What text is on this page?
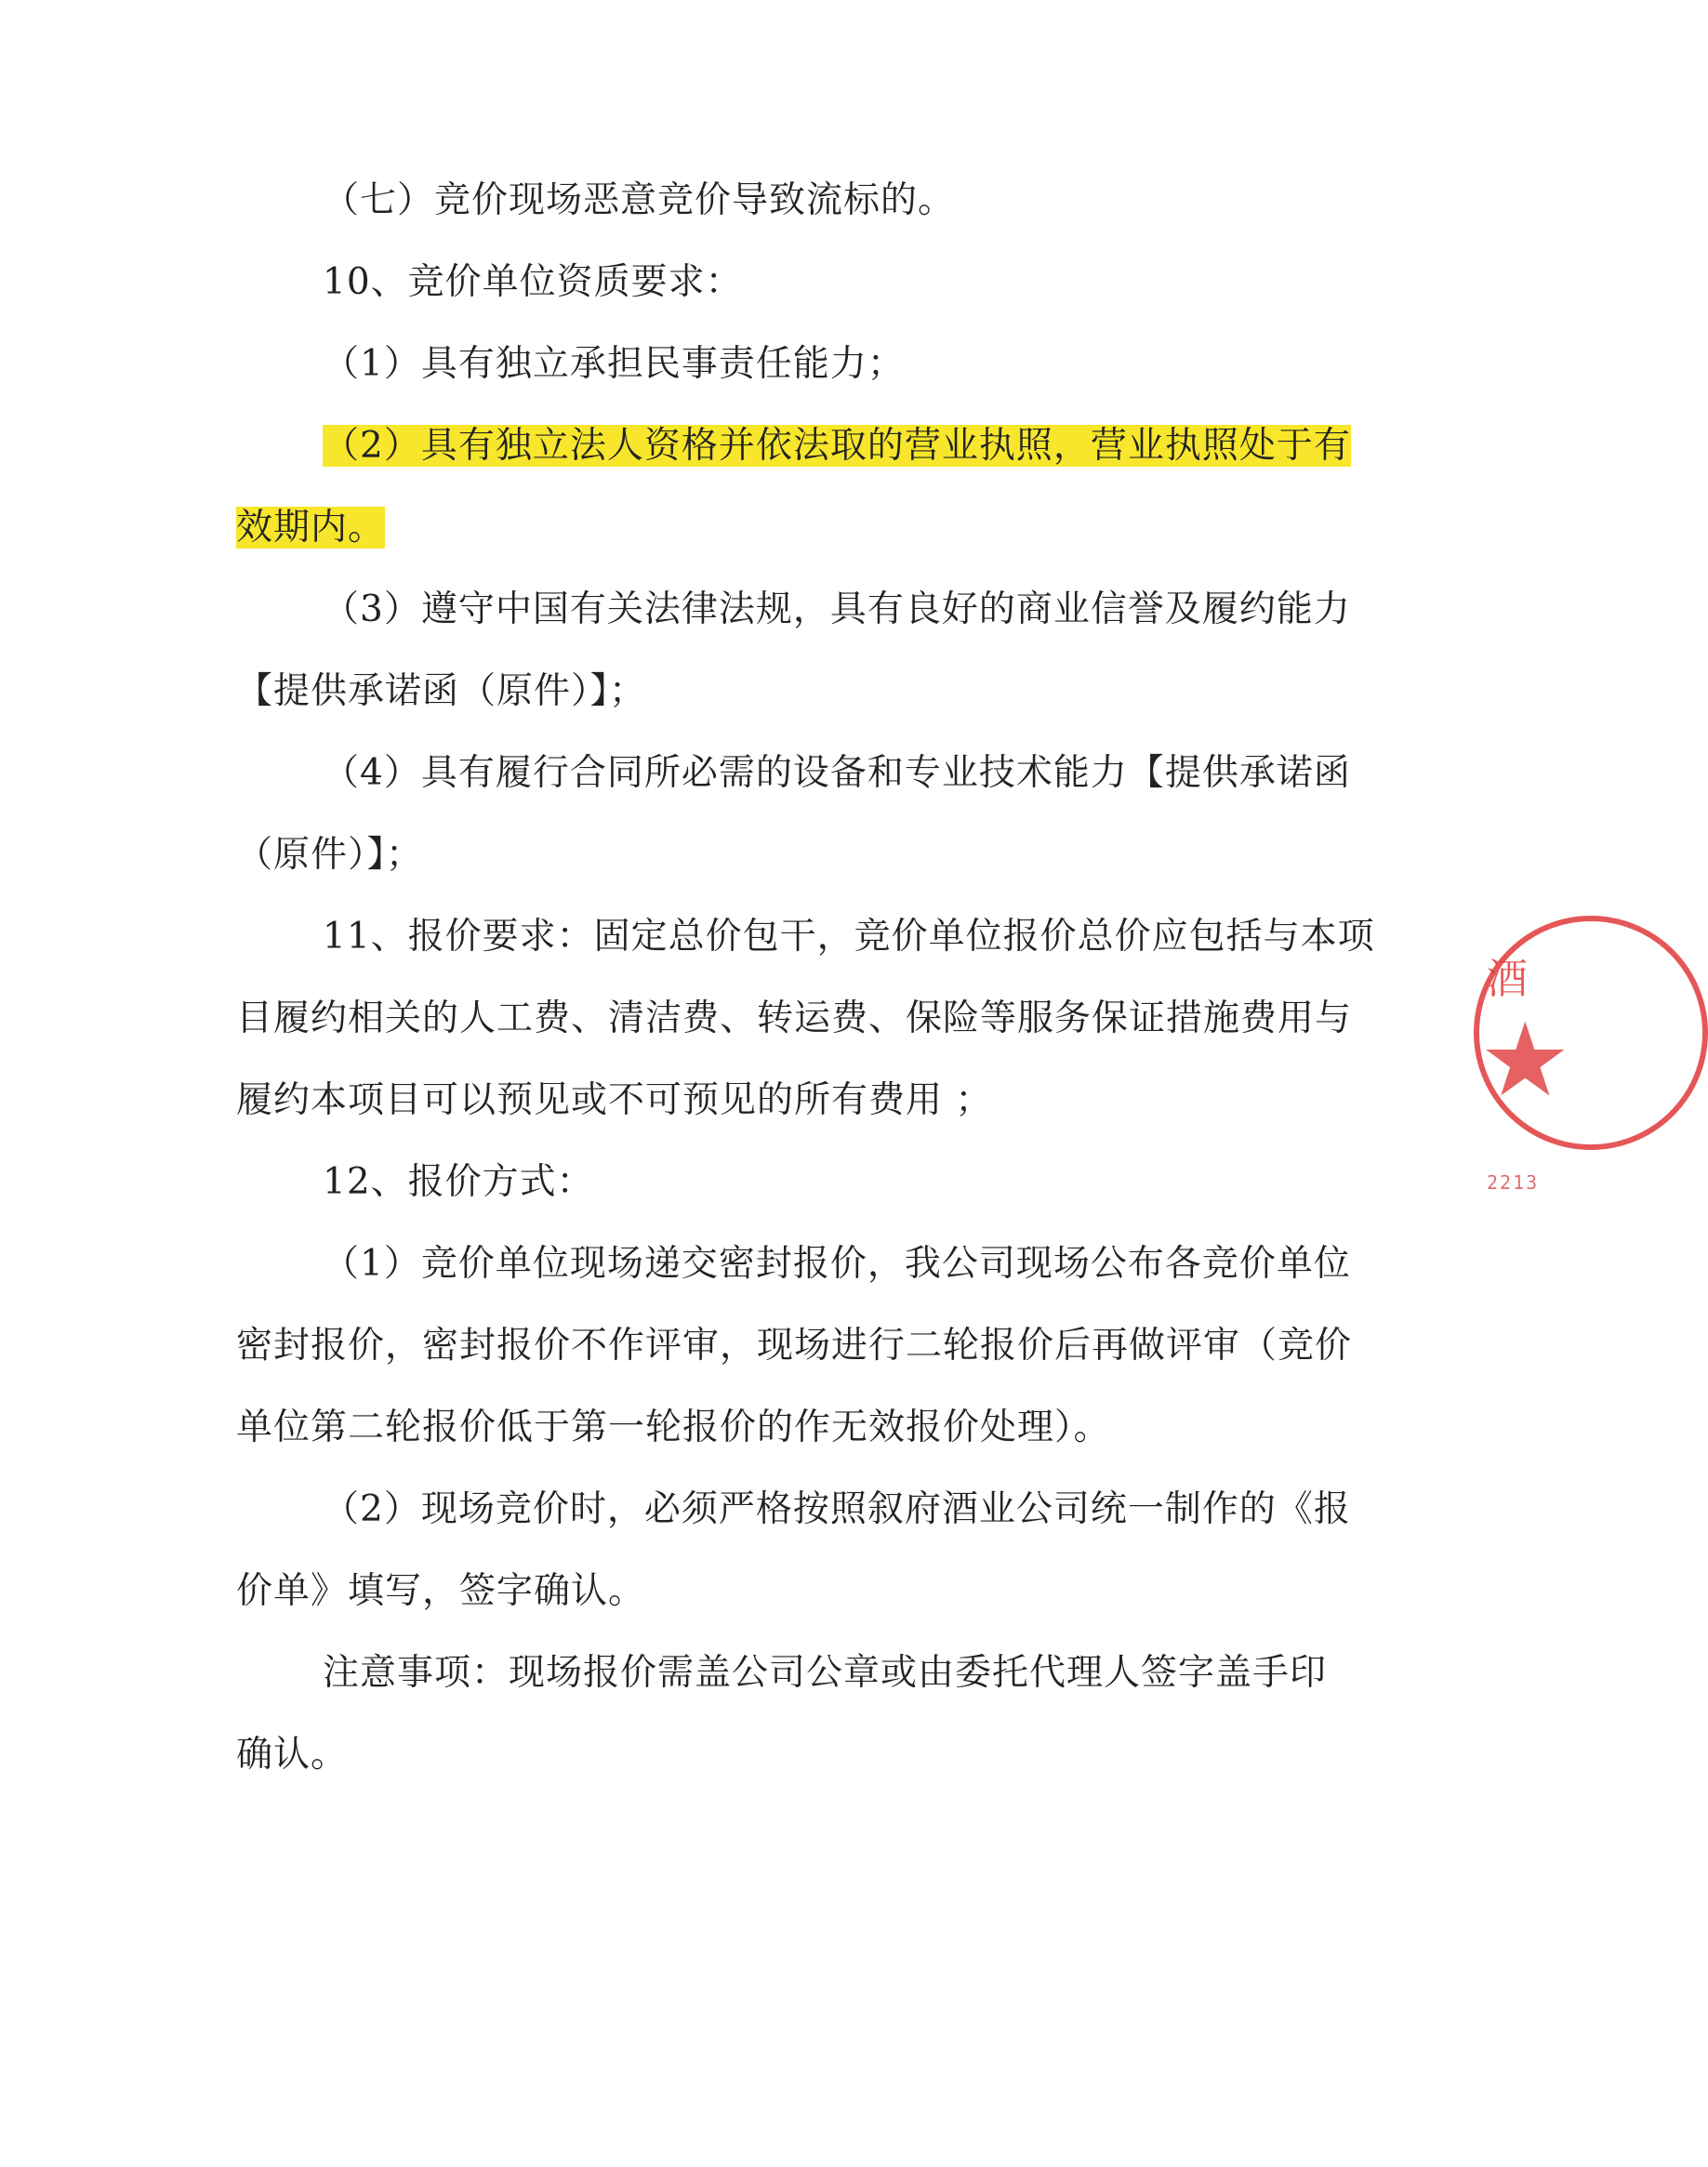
（七）竞价现场恶意竞价导致流标的。
10、竞价单位资质要求：
（1）具有独立承担民事责任能力；
（2）具有独立法人资格并依法取的营业执照，营业执照处于有
效期内。
（3）遵守中国有关法律法规，具有良好的商业信誉及履约能力
【提供承诺函（原件）】；
（4）具有履行合同所必需的设备和专业技术能力【提供承诺函
（原件）】；
11、报价要求：固定总价包干，竞价单位报价总价应包括与本项
目履约相关的人工费、清洁费、转运费、保险等服务保证措施费用与
履约本项目可以预见或不可预见的所有费用 ；
12、报价方式：
（1）竞价单位现场递交密封报价，我公司现场公布各竞价单位
密封报价，密封报价不作评审，现场进行二轮报价后再做评审（竞价
单位第二轮报价低于第一轮报价的作无效报价处理）。
（2）现场竞价时，必须严格按照叙府酒业公司统一制作的《报
价单》填写，签字确认。
注意事项：现场报价需盖公司公章或由委托代理人签字盖手印
确认。
酒
★
2213
